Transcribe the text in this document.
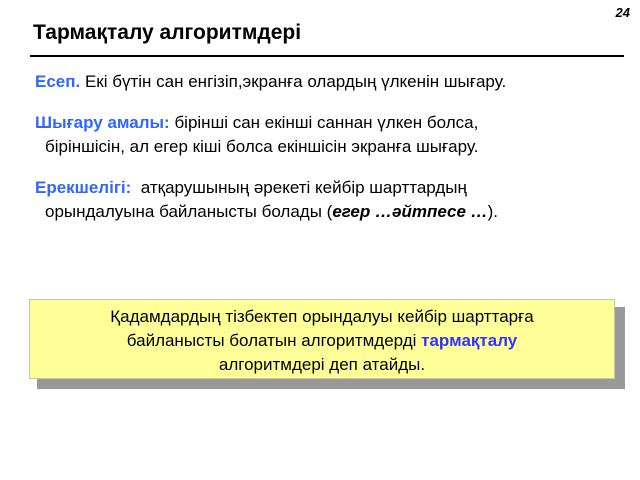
24
Тармақталу алгоритмдері
Есеп. Екі бүтін сан енгізіп,экранға олардың үлкенін шығару.
Шығару амалы: бірінші сан екінші саннан үлкен болса,
біріншісін, ал егер кіші болса екіншісін экранға шығару.
Ерекшелігі:  атқарушының әрекеті кейбір шарттардың
орындалуына байланысты болады (егер …әйтпесе …).
Қадамдардың тізбектеп орындалуы кейбір шарттарға
байланысты болатын алгоритмдерді тармақталу
алгоритмдері деп атайды.
